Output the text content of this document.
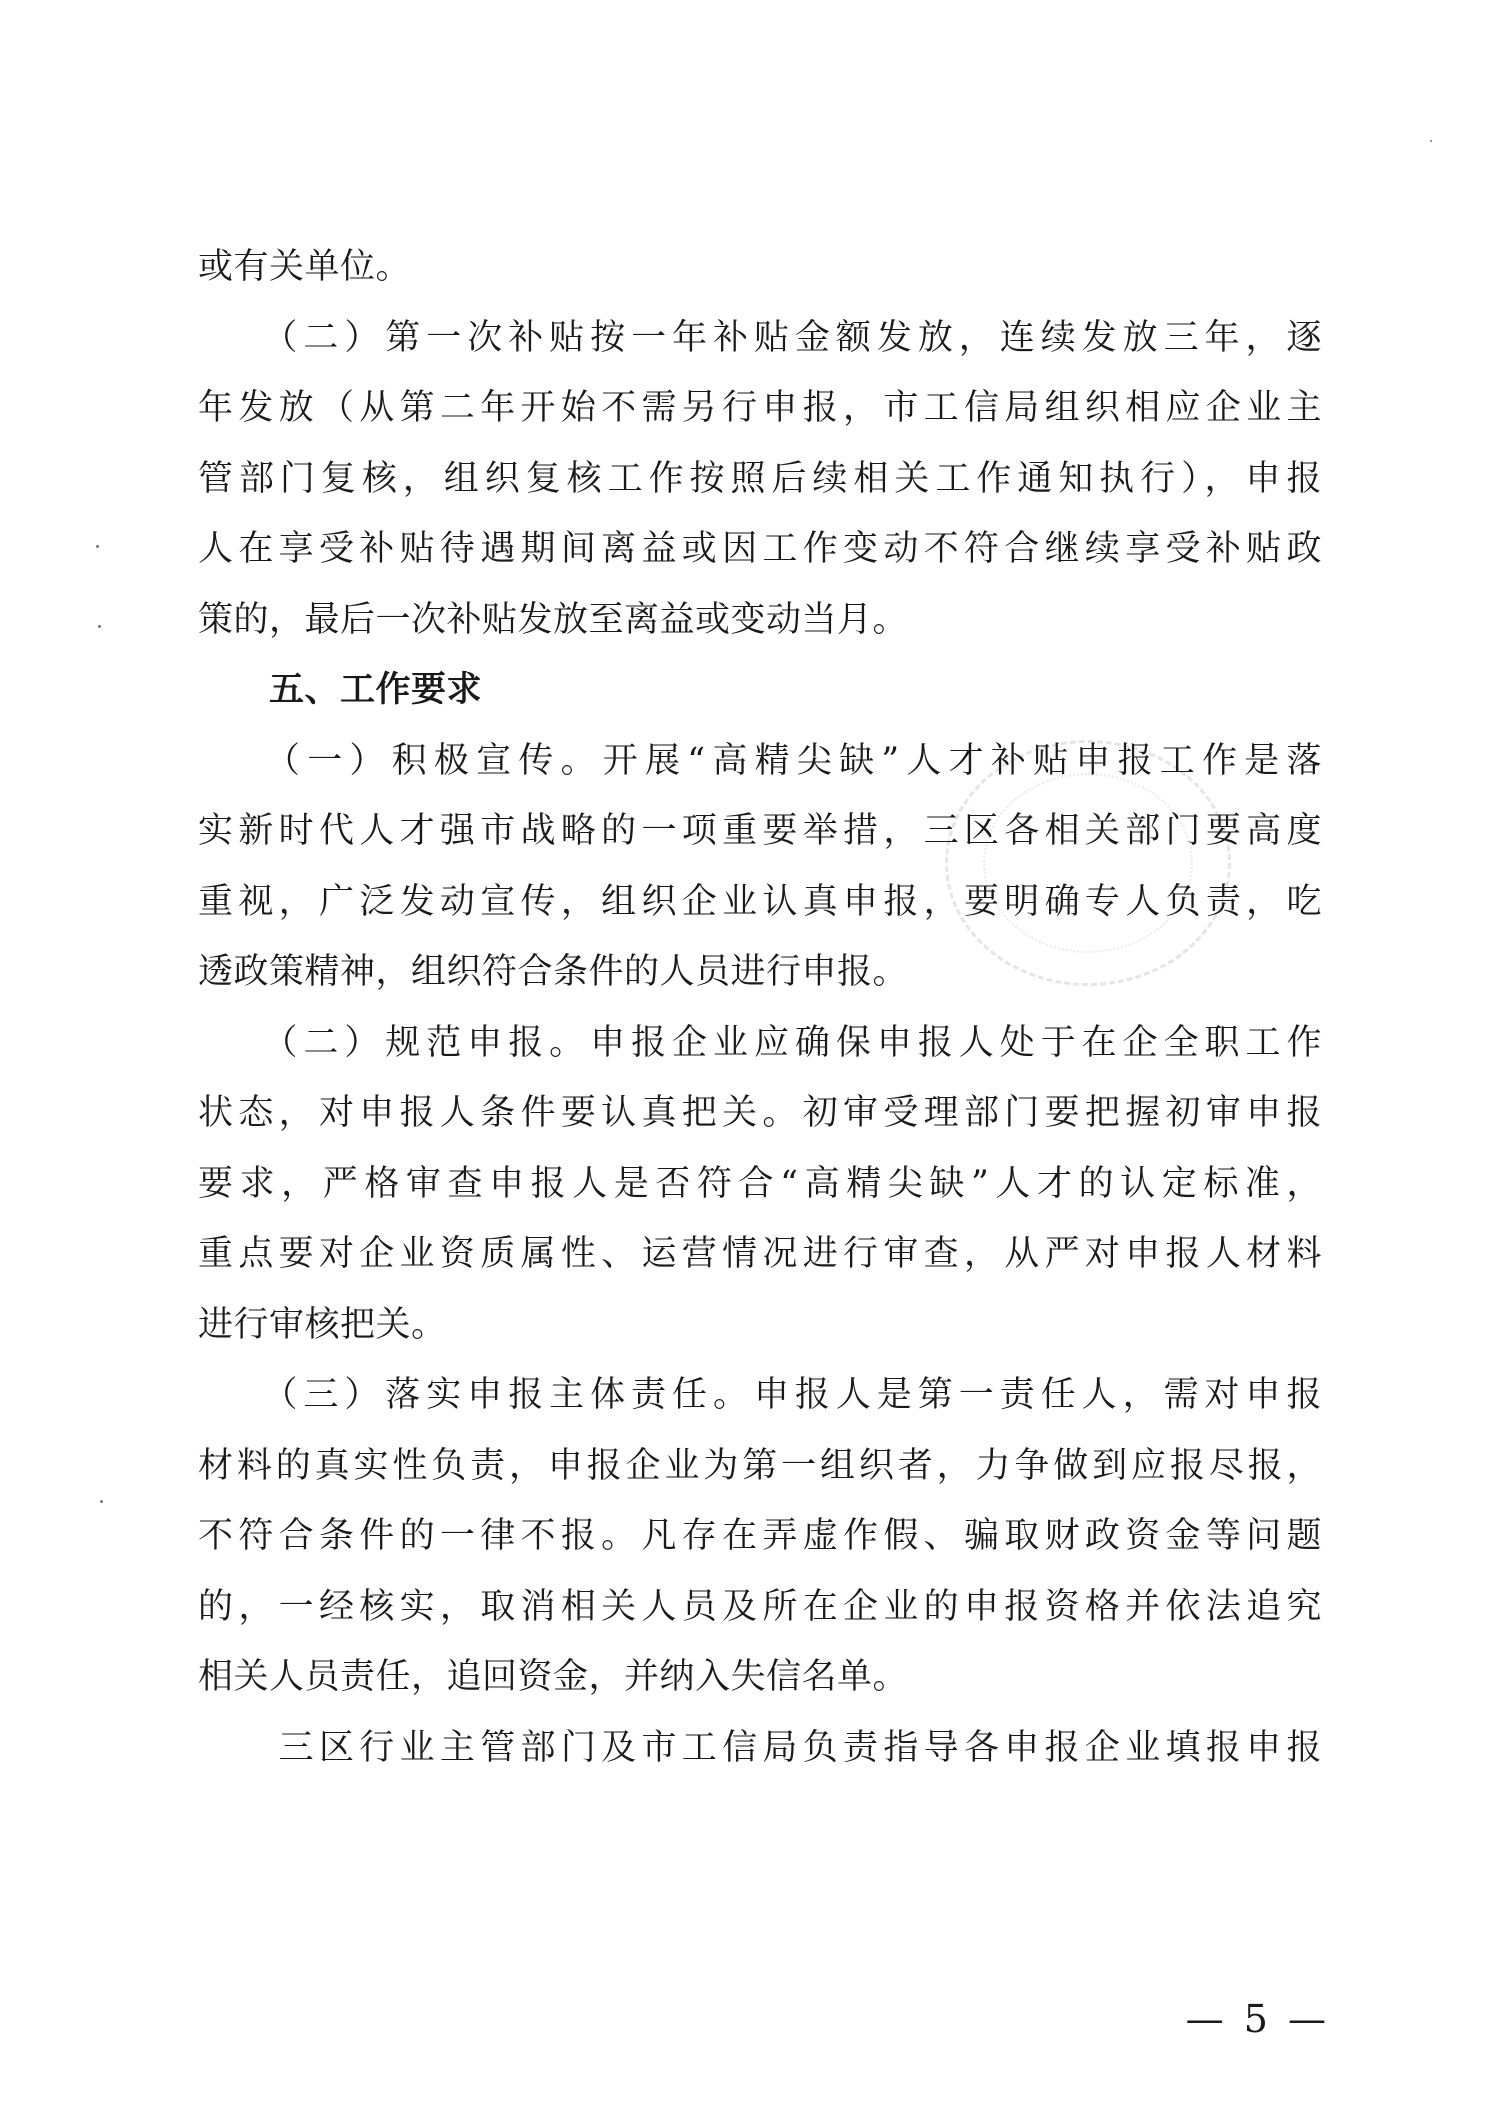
或有关单位。
　　（二）第一次补贴按一年补贴金额发放，连续发放三年，逐
年发放（从第二年开始不需另行申报，市工信局组织相应企业主
管部门复核，组织复核工作按照后续相关工作通知执行），申报
人在享受补贴待遇期间离益或因工作变动不符合继续享受补贴政
策的，最后一次补贴发放至离益或变动当月。
　　五、工作要求
　　（一）积极宣传。开展“高精尖缺”人才补贴申报工作是落
实新时代人才强市战略的一项重要举措，三区各相关部门要高度
重视，广泛发动宣传，组织企业认真申报，要明确专人负责，吃
透政策精神，组织符合条件的人员进行申报。
　　（二）规范申报。申报企业应确保申报人处于在企全职工作
状态，对申报人条件要认真把关。初审受理部门要把握初审申报
要求，严格审查申报人是否符合“高精尖缺”人才的认定标准，
重点要对企业资质属性、运营情况进行审查，从严对申报人材料
进行审核把关。
　　（三）落实申报主体责任。申报人是第一责任人，需对申报
材料的真实性负责，申报企业为第一组织者，力争做到应报尽报，
不符合条件的一律不报。凡存在弄虚作假、骗取财政资金等问题
的，一经核实，取消相关人员及所在企业的申报资格并依法追究
相关人员责任，追回资金，并纳入失信名单。
　　三区行业主管部门及市工信局负责指导各申报企业填报申报
— 5 —
